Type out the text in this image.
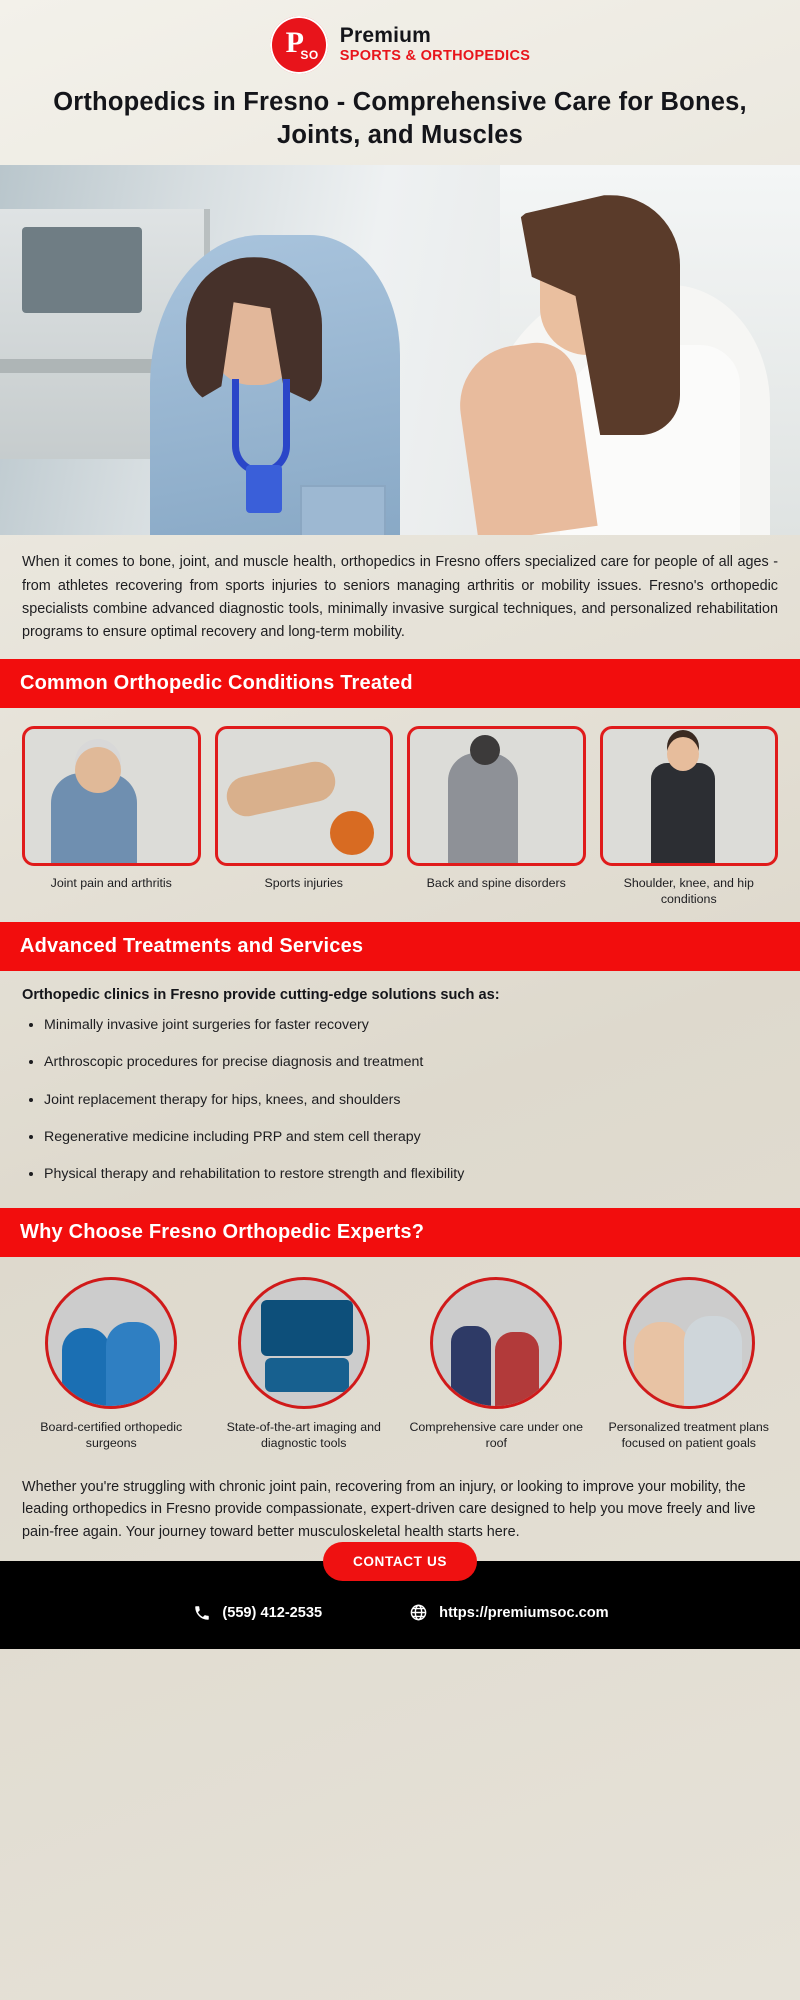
P
SO
Premium
SPORTS & ORTHOPEDICS
Orthopedics in Fresno - Comprehensive Care for Bones, Joints, and Muscles

When it comes to bone, joint, and muscle health, orthopedics in Fresno offers specialized care for people of all ages - from athletes recovering from sports injuries to seniors managing arthritis or mobility issues. Fresno's orthopedic specialists combine advanced diagnostic tools, minimally invasive surgical techniques, and personalized rehabilitation programs to ensure optimal recovery and long-term mobility.

Common Orthopedic Conditions Treated
Joint pain and arthritis	Sports injuries	Back and spine disorders	Shoulder, knee, and hip conditions
Advanced Treatments and Services
Orthopedic clinics in Fresno provide cutting-edge solutions such as:
• Minimally invasive joint surgeries for faster recovery
• Arthroscopic procedures for precise diagnosis and treatment
• Joint replacement therapy for hips, knees, and shoulders
• Regenerative medicine including PRP and stem cell therapy
• Physical therapy and rehabilitation to restore strength and flexibility
Why Choose Fresno Orthopedic Experts?
Board-certified orthopedic surgeons
State-of-the-art imaging and diagnostic tools
Comprehensive care under one roof
Personalized treatment plans focused on patient goals

Whether you're struggling with chronic joint pain, recovering from an injury, or looking to improve your mobility, the leading orthopedics in Fresno provide compassionate, expert-driven care designed to help you move freely and live pain-free again. Your journey toward better musculoskeletal health starts here.

CONTACT US
(559) 412-2535	https://premiumsoc.com
